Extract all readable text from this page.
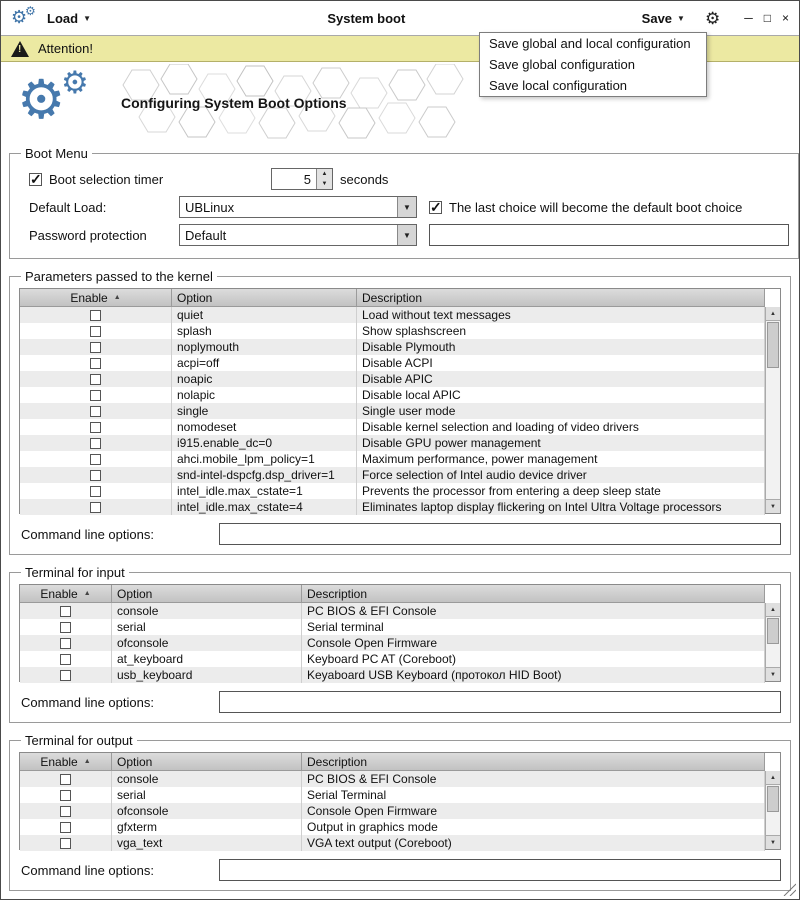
⚙
⚙ Load ▼	System boot	Save ▼ ⚙ ─ □ ×
! Attention!	Save global and local configuration
Save global configuration
Save local configuration
⚙
⚙
Configuring System Boot Options
Boot Menu
✓
Boot selection timer	5	▲
▼ seconds
Default Load:	UBLinux	▼ ✓	The last choice will become the default boot choice
Password protection	Default	▼
Parameters passed to the kernel
Enable ▲	Option	Description
quiet	Load without text messages
splash	Show splashscreen
noplymouth	Disable Plymouth
acpi=off	Disable ACPI
noapic	Disable APIC
nolapic	Disable local APIC
single	Single user mode
nomodeset	Disable kernel selection and loading of video drivers
i915.enable_dc=0	Disable GPU power management
ahci.mobile_lpm_policy=1	Maximum performance, power management
snd-intel-dspcfg.dsp_driver=1	Force selection of Intel audio device driver
intel_idle.max_cstate=1	Prevents the processor from entering a deep sleep state
intel_idle.max_cstate=4	Eliminates laptop display flickering on Intel Ultra Voltage processors
▲
▼
Command line options:
Terminal for input
Enable ▲	Option	Description
console	PC BIOS & EFI Console
serial	Serial terminal
ofconsole	Console Open Firmware
at_keyboard	Keyboard PC AT (Coreboot)
usb_keyboard	Keyaboard USB Keyboard (протокол HID Boot)
▲
▼
Command line options:
Terminal for output
Enable ▲	Option	Description
console	PC BIOS & EFI Console
serial	Serial Terminal
ofconsole	Console Open Firmware
gfxterm	Output in graphics mode
vga_text	VGA text output (Coreboot)
▲
▼
Command line options:
